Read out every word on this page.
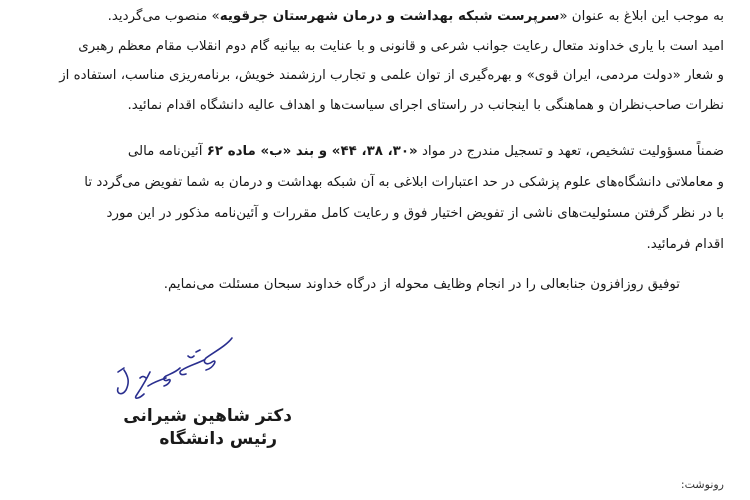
به موجب این ابلاغ به عنوان «سرپرست شبکه بهداشت و درمان شهرستان جرقویه» منصوب می‌گردید.
امید است با یاری خداوند متعال رعایت جوانب شرعی و قانونی و با عنایت به بیانیه گام دوم انقلاب مقام معظم رهبری
و شعار «دولت مردمی، ایران قوی» و بهره‌گیری از توان علمی و تجارب ارزشمند خویش، برنامه‌ریزی مناسب، استفاده از
نظرات صاحب‌نظران و هماهنگی با اینجانب در راستای اجرای سیاست‌ها و اهداف عالیه دانشگاه اقدام نمائید.
ضمناً مسؤولیت تشخیص، تعهد و تسجیل مندرج در مواد «۳۰، ۳۸، ۴۴» و بند «ب» ماده ۶۲ آئین‌نامه مالی
و معاملاتی دانشگاه‌های علوم پزشکی در حد اعتبارات ابلاغی به آن شبکه بهداشت و درمان به شما تفویض می‌گردد تا
با در نظر گرفتن مسئولیت‌های ناشی از تفویض اختیار فوق و رعایت کامل مقررات و آئین‌نامه مذکور در این مورد
اقدام فرمائید.
توفیق روزافزون جنابعالی را در انجام وظایف محوله از درگاه خداوند سبحان مسئلت می‌نمایم.
دکتر شاهین شیرانی
رئیس دانشگاه
رونوشت:
